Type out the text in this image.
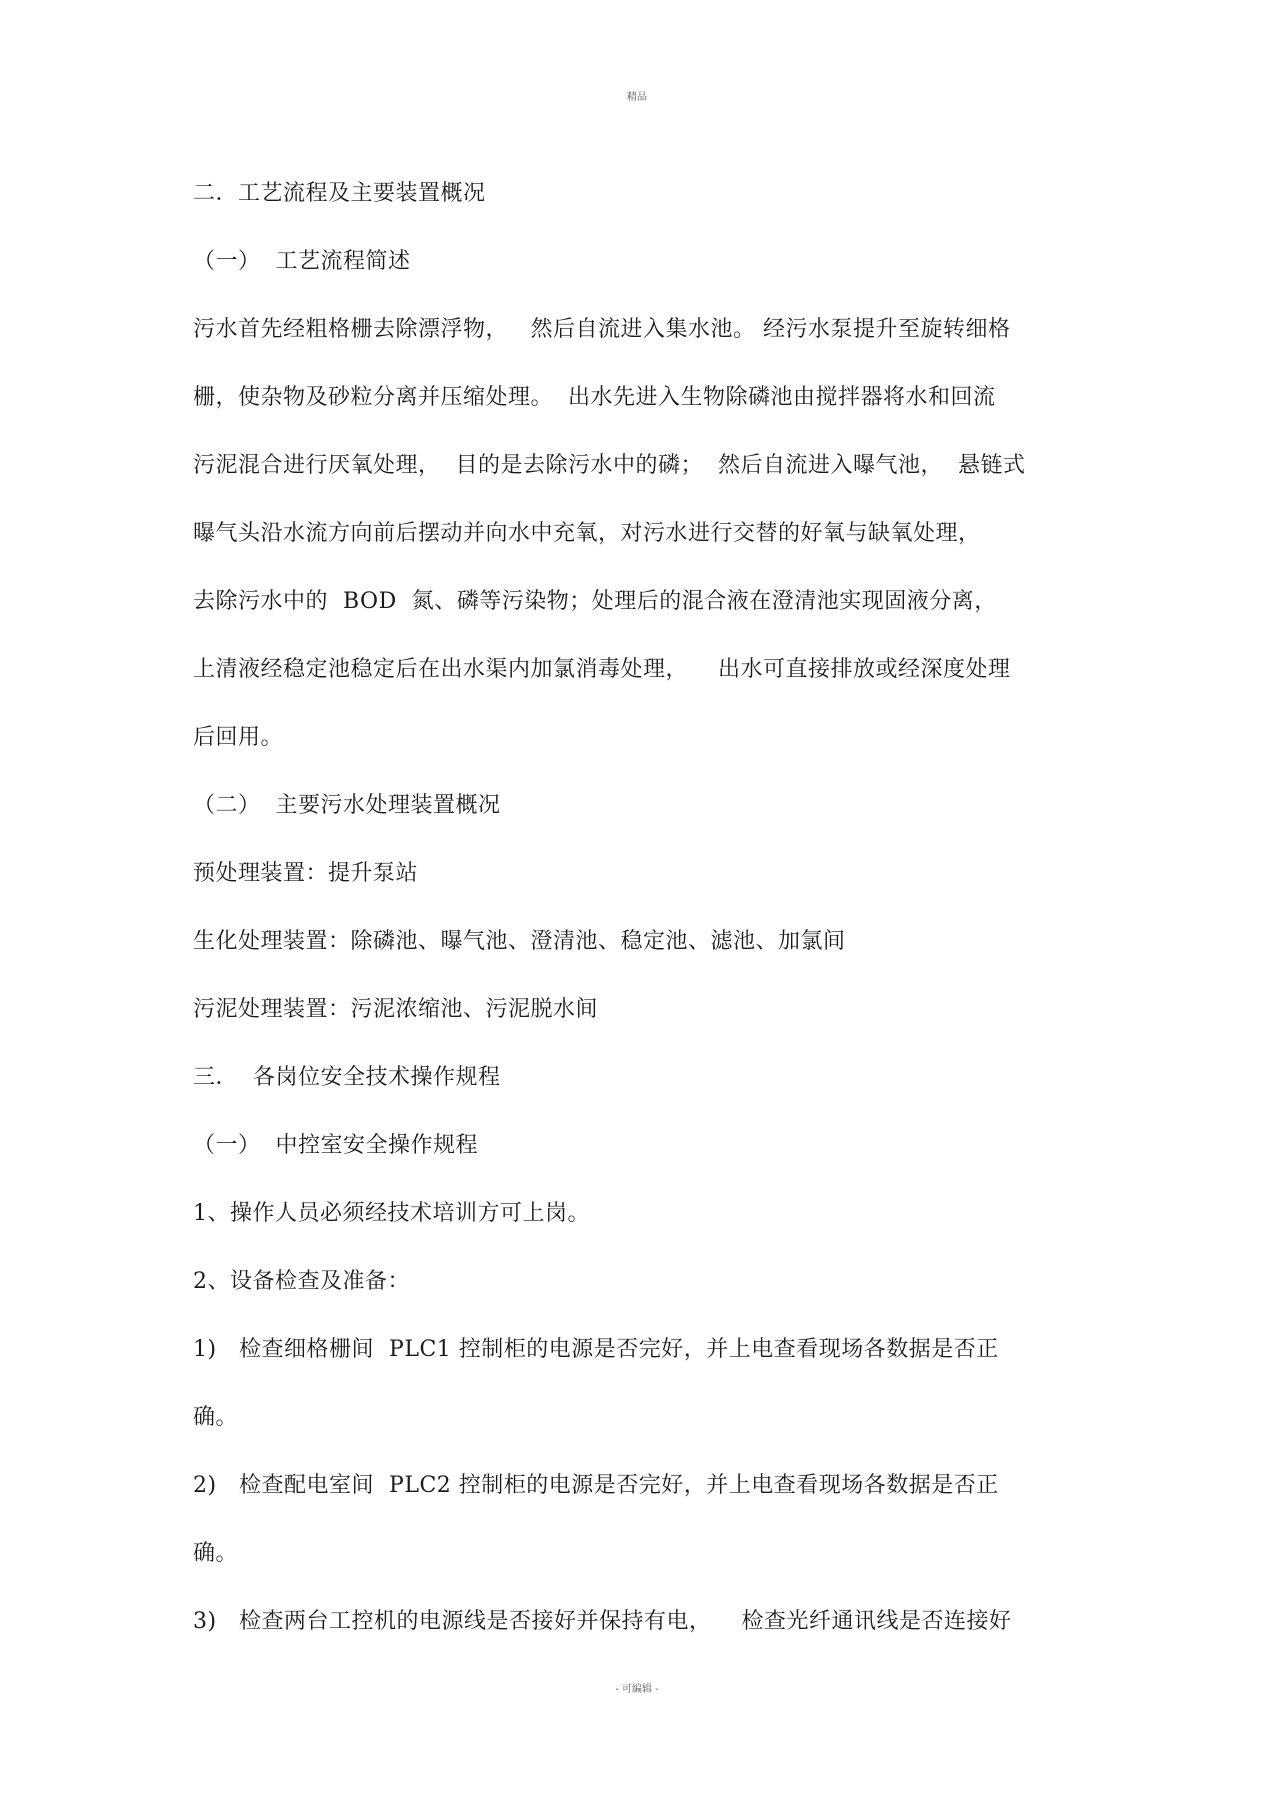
精品
二．工艺流程及主要装置概况
（一）  工艺流程简述
污水首先经粗格栅去除漂浮物，   然后自流进入集水池。 经污水泵提升至旋转细格
栅，使杂物及砂粒分离并压缩处理。  出水先进入生物除磷池由搅拌器将水和回流
污泥混合进行厌氧处理，  目的是去除污水中的磷；  然后自流进入曝气池，  悬链式
曝气头沿水流方向前后摆动并向水中充氧，对污水进行交替的好氧与缺氧处理，
去除污水中的  BOD  氮、磷等污染物；处理后的混合液在澄清池实现固液分离，
上清液经稳定池稳定后在出水渠内加氯消毒处理，    出水可直接排放或经深度处理
后回用。
（二）  主要污水处理装置概况
预处理装置：提升泵站
生化处理装置：除磷池、曝气池、澄清池、稳定池、滤池、加氯间
污泥处理装置：污泥浓缩池、污泥脱水间
三．  各岗位安全技术操作规程
（一）  中控室安全操作规程
1、操作人员必须经技术培训方可上岗。
2、设备检查及准备：
1)   检查细格栅间  PLC1 控制柜的电源是否完好，并上电查看现场各数据是否正
确。
2)   检查配电室间  PLC2 控制柜的电源是否完好，并上电查看现场各数据是否正
确。
3)   检查两台工控机的电源线是否接好并保持有电，    检查光纤通讯线是否连接好
- 可编辑 -
